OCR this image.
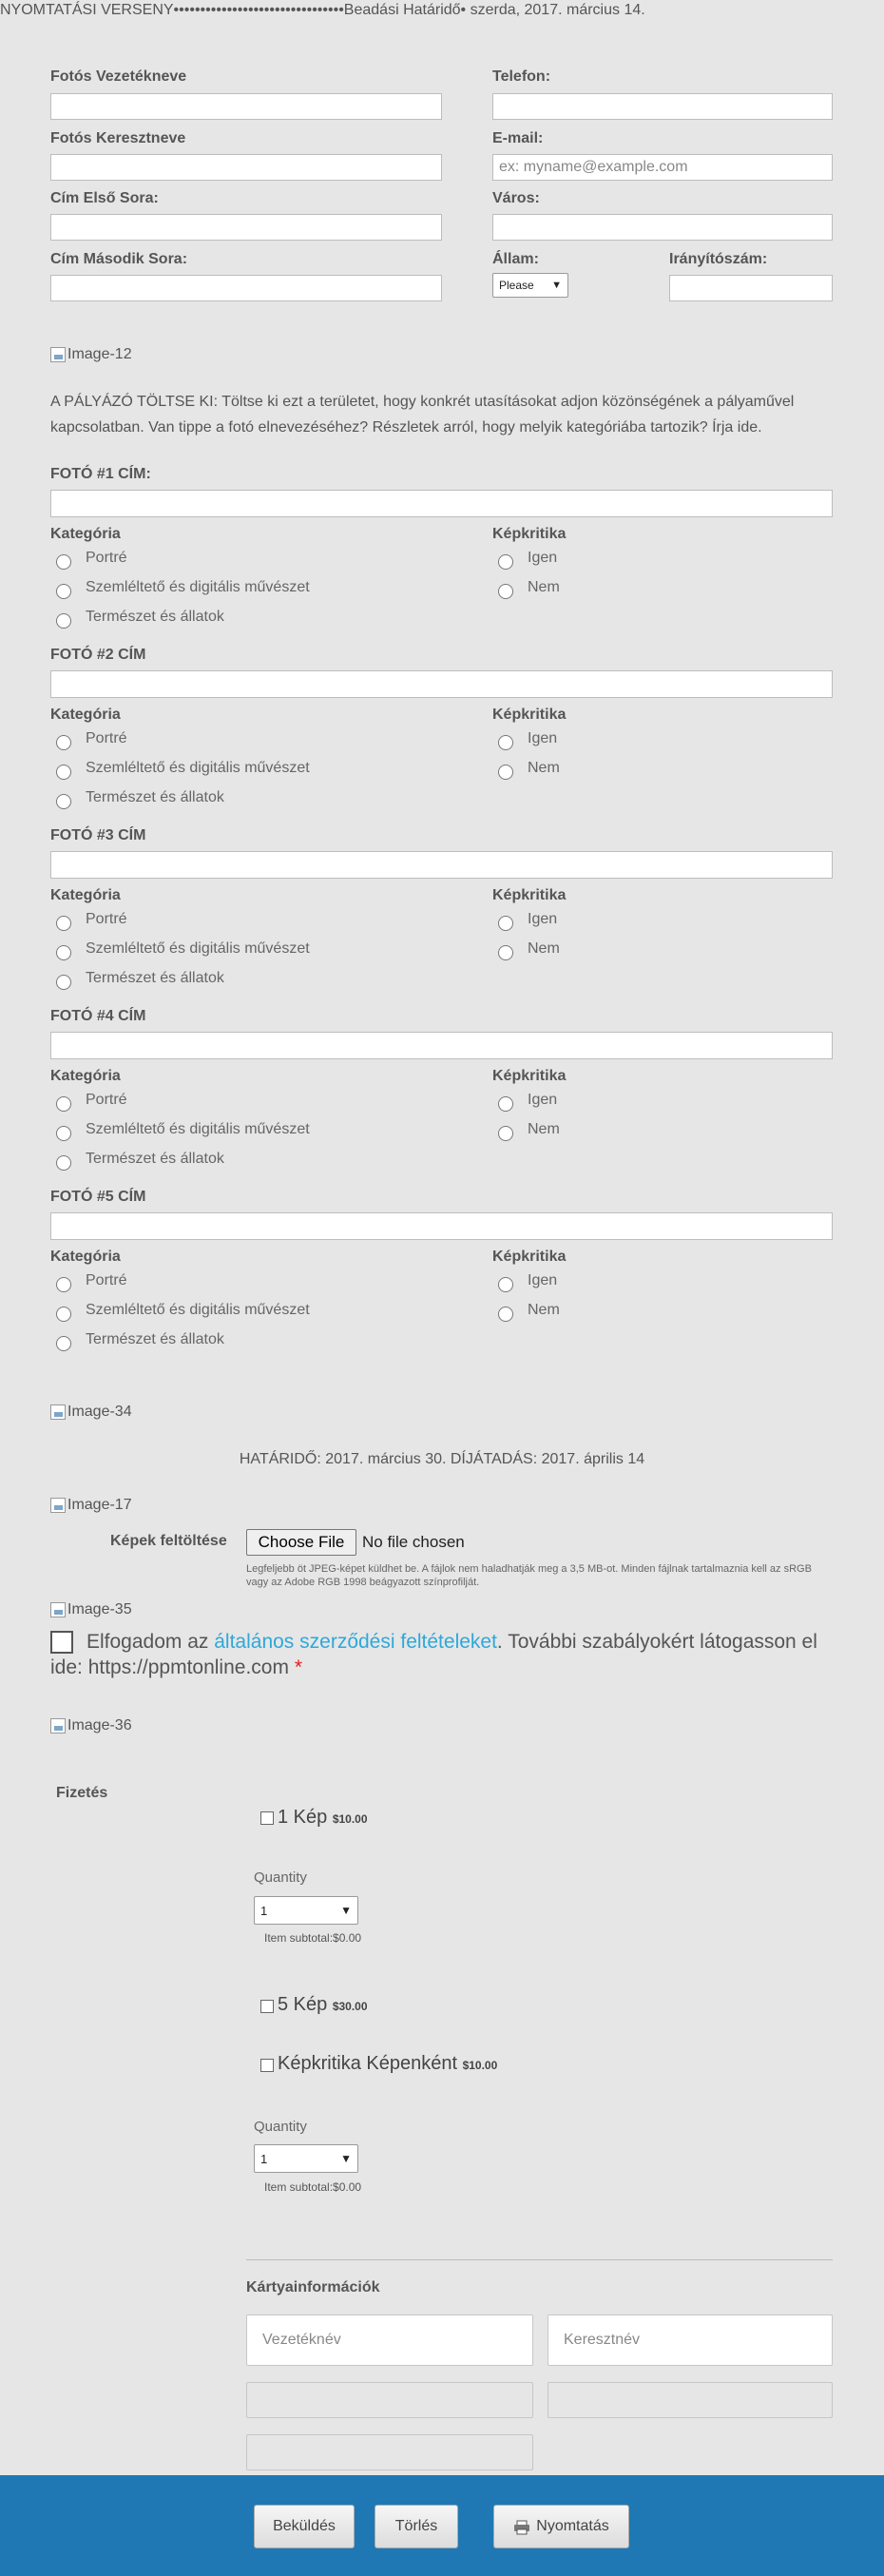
NYOMTATÁSI VERSENY••••••••••••••••••••••••••••••••Beadási Határidő• szerda, 2017. március 14.
Fotós Vezetékneve	Telefon:
Fotós Keresztneve	E-mail:
ex: myname@example.com
Cím Első Sora:	Város:
Cím Második Sora:	Állam:
Please ▼
Irányítószám:
Image-12
A PÁLYÁZÓ TÖLTSE KI: Töltse ki ezt a területet, hogy konkrét utasításokat adjon közönségének a pályaművel kapcsolatban. Van tippe a fotó elnevezéséhez? Részletek arról, hogy melyik kategóriába tartozik? Írja ide.
FOTÓ #1 CÍM:
Kategória	Képkritika
Portré
Szemléltető és digitális művészet
Természet és állatok
Igen
Nem
FOTÓ #2 CÍM
Kategória	Képkritika
Portré
Szemléltető és digitális művészet
Természet és állatok
Igen
Nem
FOTÓ #3 CÍM
Kategória	Képkritika
Portré
Szemléltető és digitális művészet
Természet és állatok
Igen
Nem
FOTÓ #4 CÍM
Kategória	Képkritika
Portré
Szemléltető és digitális művészet
Természet és állatok
Igen
Nem
FOTÓ #5 CÍM
Kategória	Képkritika
Portré
Szemléltető és digitális művészet
Természet és állatok
Igen
Nem
Image-34
HATÁRIDŐ: 2017. március 30. DÍJÁTADÁS: 2017. április 14
Image-17
Képek feltöltése	Choose File	No file chosen
Legfeljebb öt JPEG-képet küldhet be. A fájlok nem haladhatják meg a 3,5 MB-ot. Minden fájlnak tartalmaznia kell az sRGB vagy az Adobe RGB 1998 beágyazott színprofilját.
Image-35
Elfogadom az általános szerződési feltételeket. További szabályokért látogasson el ide: https://ppmtonline.com *
Image-36
Fizetés
1 Kép $10.00
Quantity
1	▼
Item subtotal:$0.00
5 Kép $30.00
Képkritika Képenként $10.00
Quantity
1	▼
Item subtotal:$0.00
Kártyainformációk
Vezetéknév	Keresztnév
Beküldés	Törlés	Nyomtatás
